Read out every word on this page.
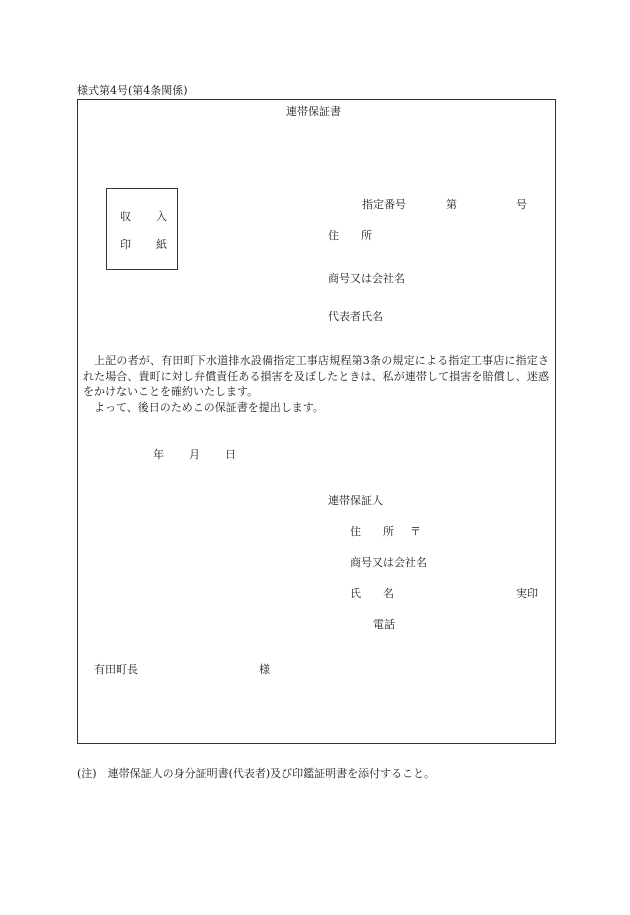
様式第4号(第4条関係)
連帯保証書
収 入
印 紙
指定番号	第	号
住 所
商号又は会社名
代表者氏名

上記の者が、有田町下水道排水設備指定工事店規程第3条の規定による指定工事店に指定された場合、貴町に対し弁償責任ある損害を及ぼしたときは、私が連帯して損害を賠償し、迷惑をかけないことを確約いたします。

よって、後日のためこの保証書を提出します。

年 月 日
連帯保証人
住 所 〒
商号又は会社名
氏 名	実印
電話
有田町長	様
(注)　連帯保証人の身分証明書(代表者)及び印鑑証明書を添付すること。
